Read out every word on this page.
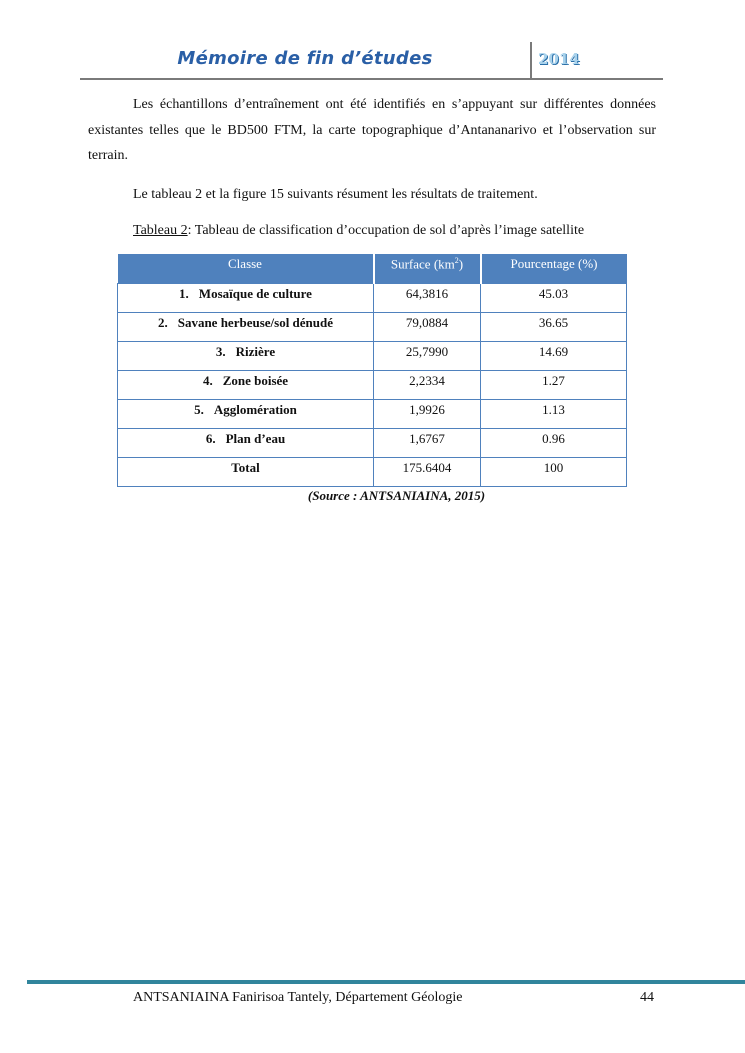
Mémoire de fin d’études	2014

Les échantillons d’entraînement ont été identifiés en s’appuyant sur différentes données existantes telles que le BD500 FTM, la carte topographique d’Antananarivo et l’observation sur terrain.

Le tableau 2 et la figure 15 suivants résument les résultats de traitement.

Tableau 2: Tableau de classification d’occupation de sol d’après l’image satellite
Classe	Surface $(km^2)$	Pourcentage (%)
1. Mosaïque de culture	64,3816	45.03
2. Savane herbeuse/sol dénudé	79,0884	36.65
3. Rizière	25,7990	14.69
4. Zone boisée	2,2334	1.27
5. Agglomération	1,9926	1.13
6. Plan d’eau	1,6767	0.96
Total	175.6404	100
(Source : ANTSANIAINA, 2015)
ANTSANIAINA Fanirisoa Tantely, Département Géologie	44
